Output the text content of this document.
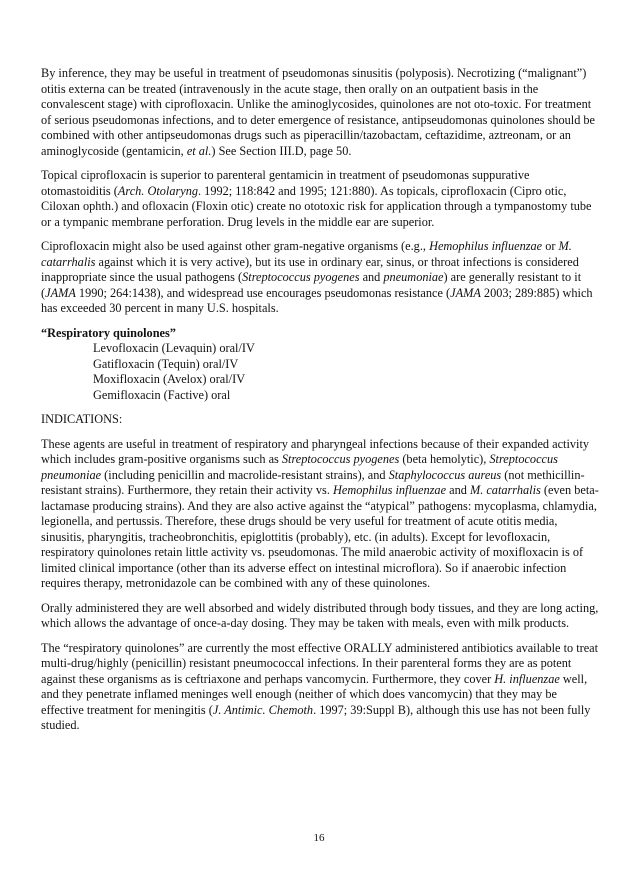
By inference, they may be useful in treatment of pseudomonas sinusitis (polyposis). Necrotizing (“malignant”) otitis externa can be treated (intravenously in the acute stage, then orally on an outpatient basis in the convalescent stage) with ciprofloxacin. Unlike the aminoglycosides, quinolones are not oto-toxic. For treatment of serious pseudomonas infections, and to deter emergence of resistance, antipseudomonas quinolones should be combined with other antipseudomonas drugs such as piperacillin/tazobactam, ceftazidime, aztreonam, or an aminoglycoside (gentamicin, et al.) See Section III.D, page 50.

Topical ciprofloxacin is superior to parenteral gentamicin in treatment of pseudomonas suppurative otomastoiditis (Arch. Otolaryng. 1992; 118:842 and 1995; 121:880). As topicals, ciprofloxacin (Cipro otic, Ciloxan ophth.) and ofloxacin (Floxin otic) create no ototoxic risk for application through a tympanostomy tube or a tympanic membrane perforation. Drug levels in the middle ear are superior.

Ciprofloxacin might also be used against other gram-negative organisms (e.g., Hemophilus influenzae or M. catarrhalis against which it is very active), but its use in ordinary ear, sinus, or throat infections is considered inappropriate since the usual pathogens (Streptococcus pyogenes and pneumoniae) are generally resistant to it (JAMA 1990; 264:1438), and widespread use encourages pseudomonas resistance (JAMA 2003; 289:885) which has exceeded 30 percent in many U.S. hospitals.

“Respiratory quinolones”

Levofloxacin (Levaquin) oral/IV
Gatifloxacin (Tequin) oral/IV
Moxifloxacin (Avelox) oral/IV
Gemifloxacin (Factive) oral

INDICATIONS:

These agents are useful in treatment of respiratory and pharyngeal infections because of their expanded activity which includes gram-positive organisms such as Streptococcus pyogenes (beta hemolytic), Streptococcus pneumoniae (including penicillin and macrolide-resistant strains), and Staphylococcus aureus (not methicillin-resistant strains). Furthermore, they retain their activity vs. Hemophilus influenzae and M. catarrhalis (even beta-lactamase producing strains). And they are also active against the “atypical” pathogens: mycoplasma, chlamydia, legionella, and pertussis. Therefore, these drugs should be very useful for treatment of acute otitis media, sinusitis, pharyngitis, tracheobronchitis, epiglottitis (probably), etc. (in adults). Except for levofloxacin, respiratory quinolones retain little activity vs. pseudomonas. The mild anaerobic activity of moxifloxacin is of limited clinical importance (other than its adverse effect on intestinal microflora). So if anaerobic infection requires therapy, metronidazole can be combined with any of these quinolones.

Orally administered they are well absorbed and widely distributed through body tissues, and they are long acting, which allows the advantage of once-a-day dosing. They may be taken with meals, even with milk products.

The “respiratory quinolones” are currently the most effective ORALLY administered antibiotics available to treat multi-drug/highly (penicillin) resistant pneumococcal infections. In their parenteral forms they are as potent against these organisms as is ceftriaxone and perhaps vancomycin. Furthermore, they cover H. influenzae well, and they penetrate inflamed meninges well enough (neither of which does vancomycin) that they may be effective treatment for meningitis (J. Antimic. Chemoth. 1997; 39:Suppl B), although this use has not been fully studied.

16
